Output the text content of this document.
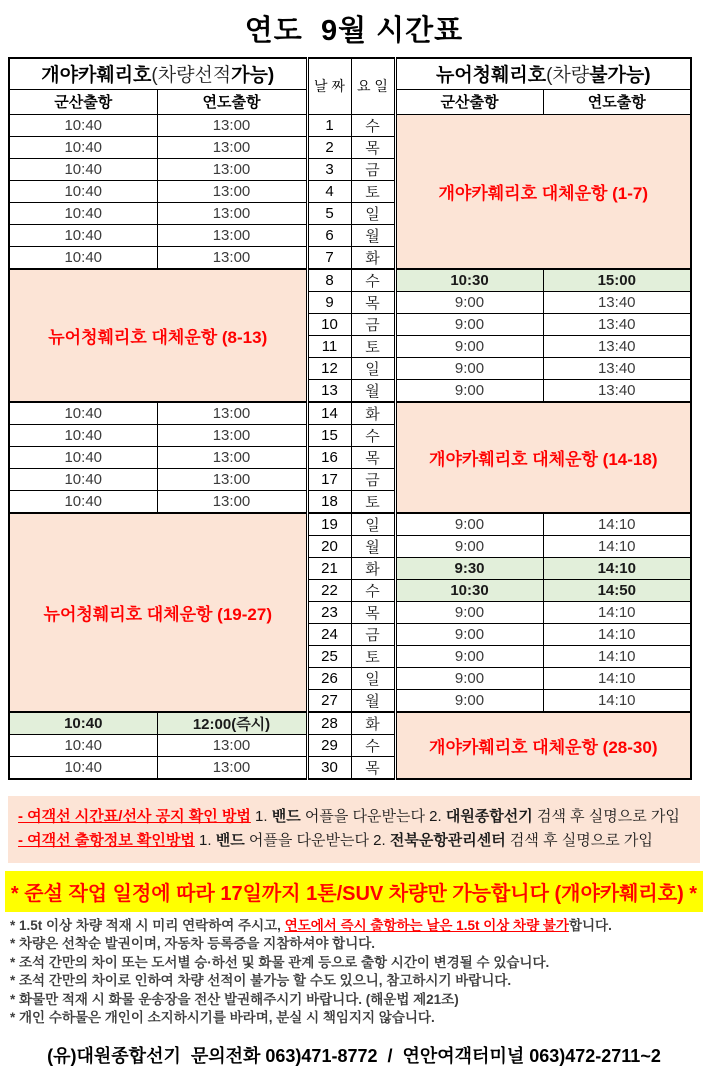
연도  9월 시간표
개야카훼리호(차량선적가능)		날 짜	요 일	뉴어청훼리호(차량불가능)	
군산출항	연도출항			군산출항	연도출항
10:40	13:00	1	수	개야카훼리호 대체운항 (1-7)	
10:40	13:00	2	목		
10:40	13:00	3	금		
10:40	13:00	4	토		
10:40	13:00	5	일		
10:40	13:00	6	월		
10:40	13:00	7	화		
뉴어청훼리호 대체운항 (8-13)		8	수	10:30	15:00
		9	목	9:00	13:40
		10	금	9:00	13:40
		11	토	9:00	13:40
		12	일	9:00	13:40
		13	월	9:00	13:40
10:40	13:00	14	화	개야카훼리호 대체운항 (14-18)	
10:40	13:00	15	수		
10:40	13:00	16	목		
10:40	13:00	17	금		
10:40	13:00	18	토		
뉴어청훼리호 대체운항 (19-27)		19	일	9:00	14:10
		20	월	9:00	14:10
		21	화	9:30	14:10
		22	수	10:30	14:50
		23	목	9:00	14:10
		24	금	9:00	14:10
		25	토	9:00	14:10
		26	일	9:00	14:10
		27	월	9:00	14:10
10:40	12:00(즉시)	28	화	개야카훼리호 대체운항 (28-30)	
10:40	13:00	29	수		
10:40	13:00	30	목		
- 여객선 시간표/선사 공지 확인 방법 1. 밴드 어플을 다운받는다 2. 대원종합선기 검색 후 실명으로 가입
- 여객선 출항정보 확인방법 1. 밴드 어플을 다운받는다 2. 전북운항관리센터 검색 후 실명으로 가입
* 준설 작업 일정에 따라 17일까지 1톤/SUV 차량만 가능합니다 (개야카훼리호) *
* 1.5t 이상 차량 적재 시 미리 연락하여 주시고, 연도에서 즉시 출항하는 날은 1.5t 이상 차량 불가합니다.
* 차량은 선착순 발권이며, 자동차 등록증을 지참하셔야 합니다.
* 조석 간만의 차이 또는 도서별 승·하선 및 화물 관계 등으로 출항 시간이 변경될 수 있습니다.
* 조석 간만의 차이로 인하여 차량 선적이 불가능 할 수도 있으니, 참고하시기 바랍니다.
* 화물만 적재 시 화물 운송장을 전산 발권해주시기 바랍니다. (해운법 제21조)
* 개인 수하물은 개인이 소지하시기를 바라며, 분실 시 책임지지 않습니다.
(유)대원종합선기  문의전화 063)471-8772  /  연안여객터미널 063)472-2711~2
